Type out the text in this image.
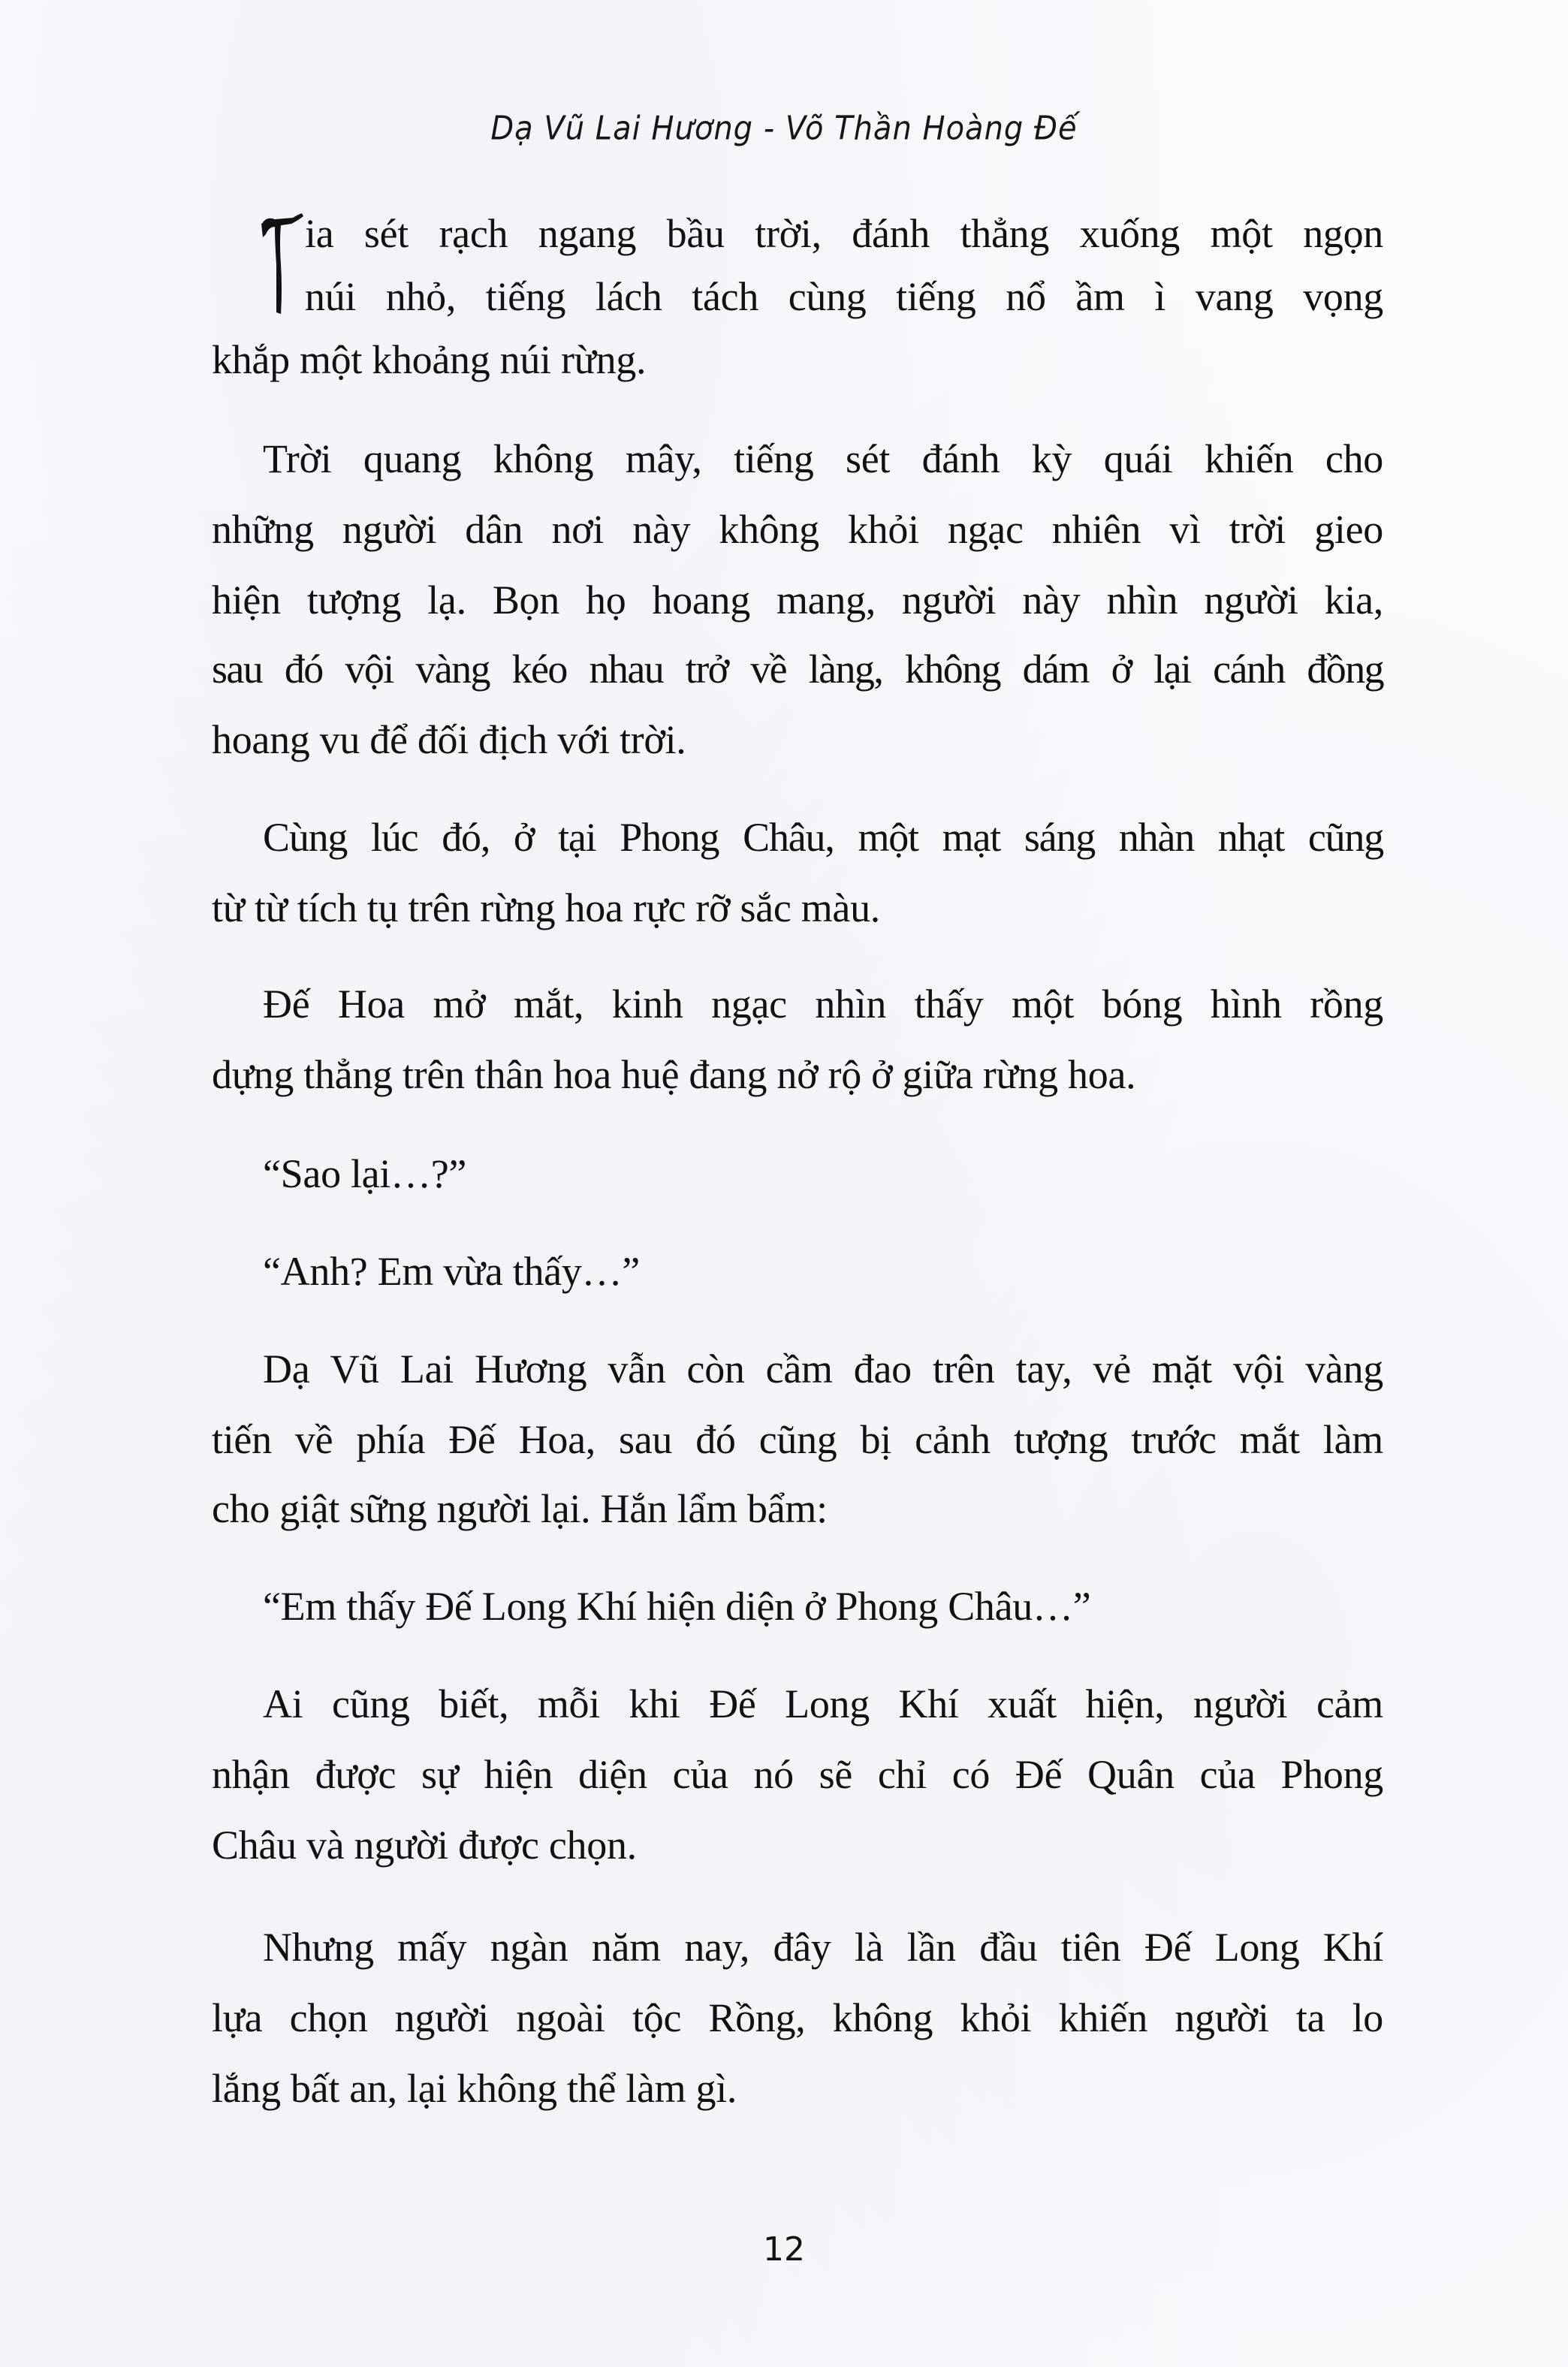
Dạ Vũ Lai Hương - Võ Thần Hoàng Đế
ia sét rạch ngang bầu trời, đánh thẳng xuống một ngọn
núi nhỏ, tiếng lách tách cùng tiếng nổ ầm ì vang vọng
khắp một khoảng núi rừng.
Trời quang không mây, tiếng sét đánh kỳ quái khiến cho
những người dân nơi này không khỏi ngạc nhiên vì trời gieo
hiện tượng lạ. Bọn họ hoang mang, người này nhìn người kia,
sau đó vội vàng kéo nhau trở về làng, không dám ở lại cánh đồng
hoang vu để đối địch với trời.
Cùng lúc đó, ở tại Phong Châu, một mạt sáng nhàn nhạt cũng
từ từ tích tụ trên rừng hoa rực rỡ sắc màu.
Đế Hoa mở mắt, kinh ngạc nhìn thấy một bóng hình rồng
dựng thẳng trên thân hoa huệ đang nở rộ ở giữa rừng hoa.
“Sao lại…?”
“Anh? Em vừa thấy…”
Dạ Vũ Lai Hương vẫn còn cầm đao trên tay, vẻ mặt vội vàng
tiến về phía Đế Hoa, sau đó cũng bị cảnh tượng trước mắt làm
cho giật sững người lại. Hắn lẩm bẩm:
“Em thấy Đế Long Khí hiện diện ở Phong Châu…”
Ai cũng biết, mỗi khi Đế Long Khí xuất hiện, người cảm
nhận được sự hiện diện của nó sẽ chỉ có Đế Quân của Phong
Châu và người được chọn.
Nhưng mấy ngàn năm nay, đây là lần đầu tiên Đế Long Khí
lựa chọn người ngoài tộc Rồng, không khỏi khiến người ta lo
lắng bất an, lại không thể làm gì.
12
